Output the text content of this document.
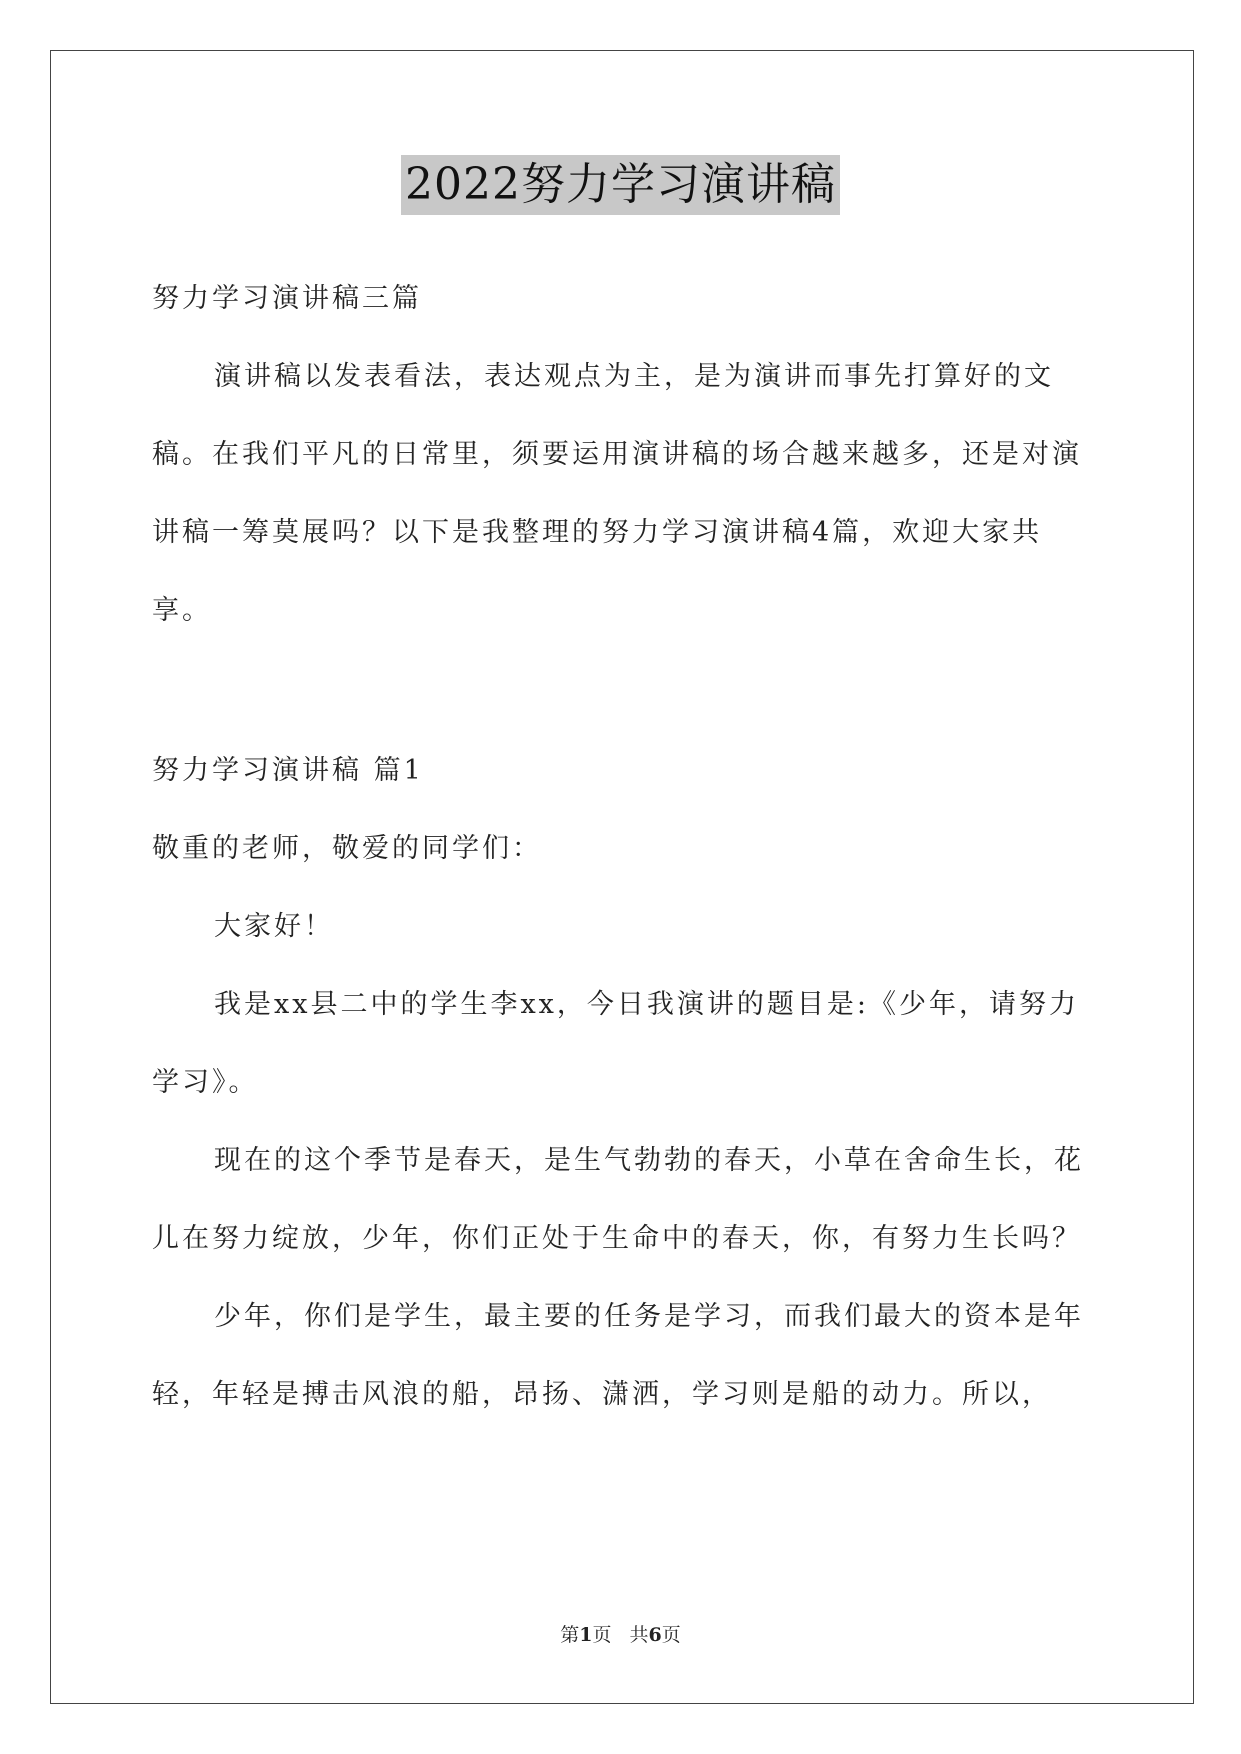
2022努力学习演讲稿

努力学习演讲稿三篇

演讲稿以发表看法，表达观点为主，是为演讲而事先打算好的文稿。在我们平凡的日常里，须要运用演讲稿的场合越来越多，还是对演讲稿一筹莫展吗？以下是我整理的努力学习演讲稿4篇，欢迎大家共享。

努力学习演讲稿 篇1

敬重的老师，敬爱的同学们：

大家好！

我是xx县二中的学生李xx，今日我演讲的题目是:《少年，请努力学习》。

现在的这个季节是春天，是生气勃勃的春天，小草在舍命生长，花儿在努力绽放，少年，你们正处于生命中的春天，你，有努力生长吗？

少年，你们是学生，最主要的任务是学习，而我们最大的资本是年轻，年轻是搏击风浪的船，昂扬、潇洒，学习则是船的动力。所以，

第1页 共6页
